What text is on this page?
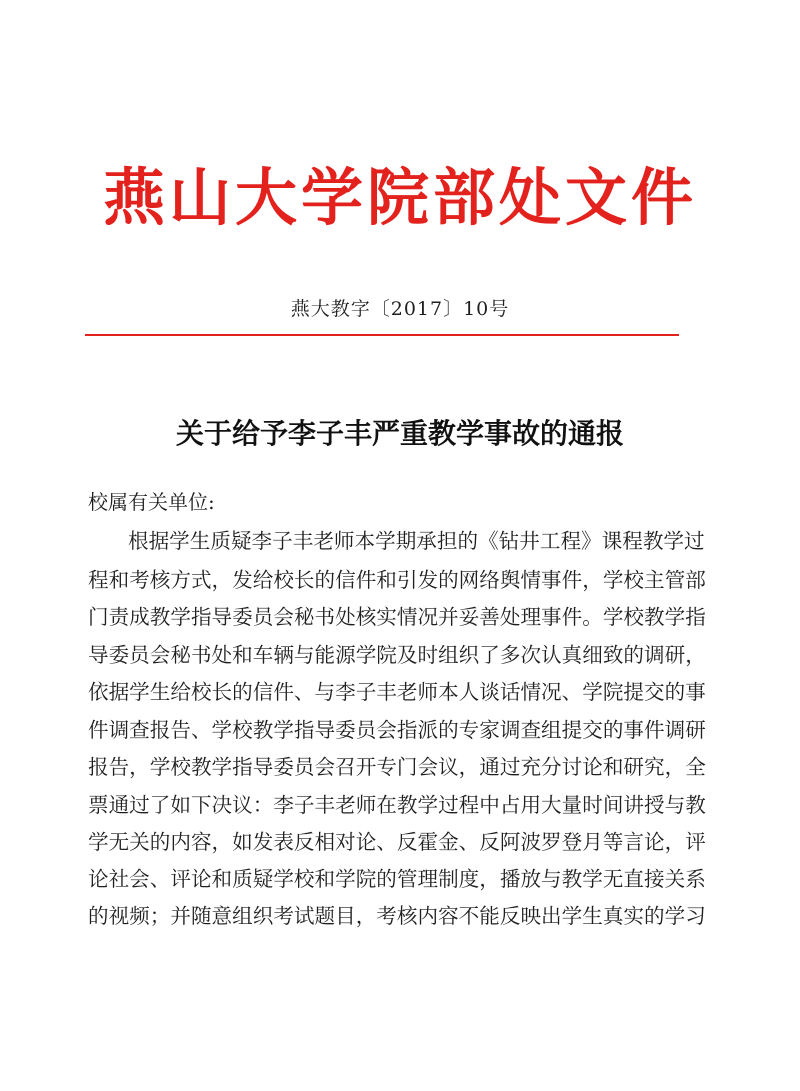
燕山大学院部处文件
燕大教字〔2017〕10号
关于给予李子丰严重教学事故的通报
校属有关单位:
根据学生质疑李子丰老师本学期承担的《钻井工程》课程教学过
程和考核方式，发给校长的信件和引发的网络舆情事件，学校主管部
门责成教学指导委员会秘书处核实情况并妥善处理事件。学校教学指
导委员会秘书处和车辆与能源学院及时组织了多次认真细致的调研，
依据学生给校长的信件、与李子丰老师本人谈话情况、学院提交的事
件调查报告、学校教学指导委员会指派的专家调查组提交的事件调研
报告，学校教学指导委员会召开专门会议，通过充分讨论和研究，全
票通过了如下决议：李子丰老师在教学过程中占用大量时间讲授与教
学无关的内容，如发表反相对论、反霍金、反阿波罗登月等言论，评
论社会、评论和质疑学校和学院的管理制度，播放与教学无直接关系
的视频；并随意组织考试题目，考核内容不能反映出学生真实的学习
